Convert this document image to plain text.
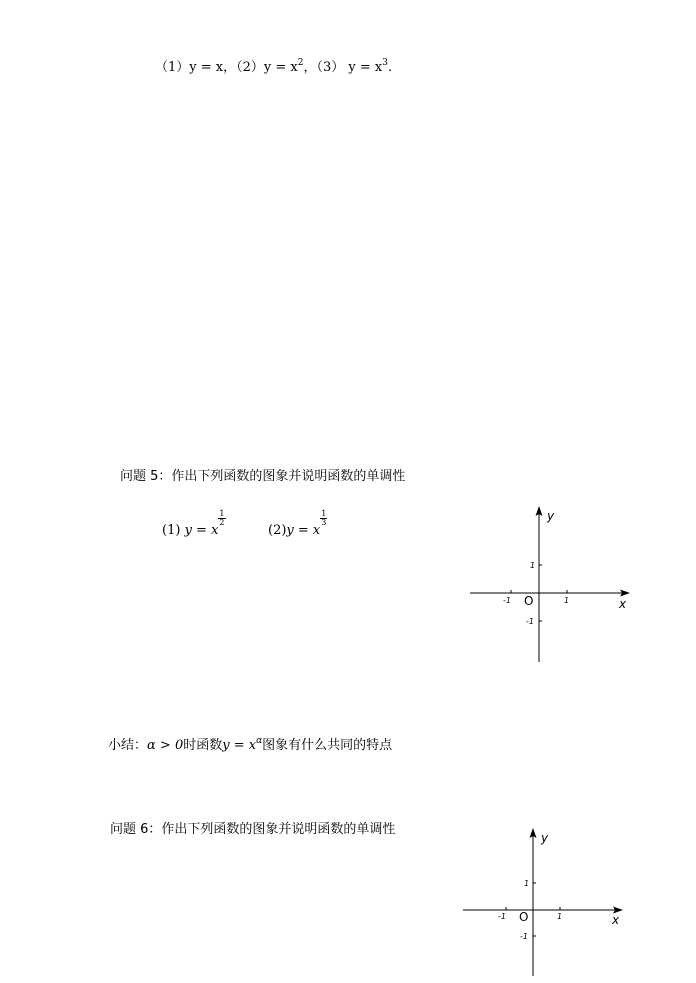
（1）y = x，$(2)y = x^2$，（3） $y = x^3$.
问题 5：作出下列函数的图象并说明函数的单调性
(1) y = x
$\frac{1}{2}$
(2)y = x
$\frac{1}{3}$	y
x
O
-1	1
1
-1
小结：α > 0时函数$y = x^\alpha$图象有什么共同的特点
问题 6：作出下列函数的图象并说明函数的单调性
y
x
O
-1	1
1
-1
